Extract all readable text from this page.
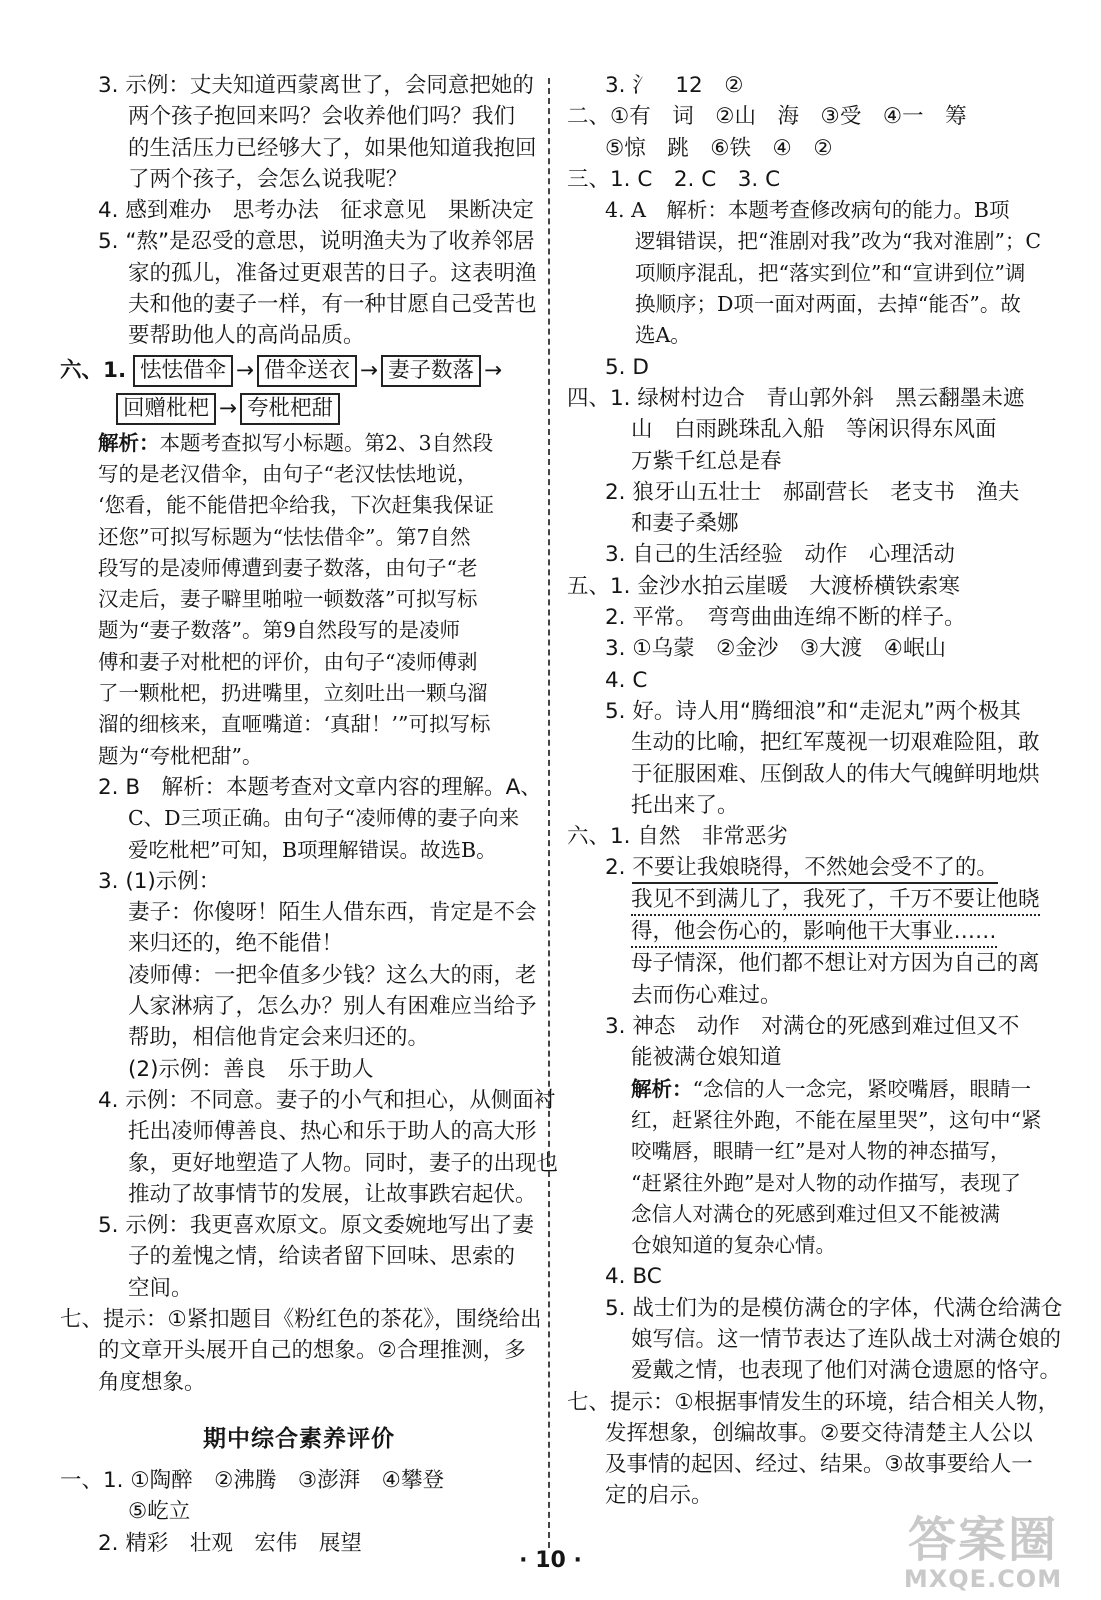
3. 示例：丈夫知道西蒙离世了，会同意把她的
两个孩子抱回来吗？会收养他们吗？我们
的生活压力已经够大了，如果他知道我抱回
了两个孩子，会怎么说我呢？
4. 感到难办　思考办法　征求意见　果断决定
5. “熬”是忍受的意思，说明渔夫为了收养邻居
家的孤儿，准备过更艰苦的日子。这表明渔
夫和他的妻子一样，有一种甘愿自己受苦也
要帮助他人的高尚品质。
六、1. 怯怯借伞 → 借伞送衣 → 妻子数落 →
回赠枇杷 → 夸枇杷甜
解析：本题考查拟写小标题。第2、3自然段
写的是老汉借伞，由句子“老汉怯怯地说，
‘您看，能不能借把伞给我，下次赶集我保证
还您”可拟写标题为“怯怯借伞”。第7自然
段写的是凌师傅遭到妻子数落，由句子“老
汉走后，妻子噼里啪啦一顿数落”可拟写标
题为“妻子数落”。第9自然段写的是凌师
傅和妻子对枇杷的评价，由句子“凌师傅剥
了一颗枇杷，扔进嘴里，立刻吐出一颗乌溜
溜的细核来，直咂嘴道：‘真甜！’”可拟写标
题为“夸枇杷甜”。
2. B　解析：本题考查对文章内容的理解。A、
C、D三项正确。由句子“凌师傅的妻子向来
爱吃枇杷”可知，B项理解错误。故选B。
3. (1)示例：
妻子：你傻呀！陌生人借东西，肯定是不会
来归还的，绝不能借！
凌师傅：一把伞值多少钱？这么大的雨，老
人家淋病了，怎么办？别人有困难应当给予
帮助，相信他肯定会来归还的。
(2)示例：善良　乐于助人
4. 示例：不同意。妻子的小气和担心，从侧面衬
托出凌师傅善良、热心和乐于助人的高大形
象，更好地塑造了人物。同时，妻子的出现也
推动了故事情节的发展，让故事跌宕起伏。
5. 示例：我更喜欢原文。原文委婉地写出了妻
子的羞愧之情，给读者留下回味、思索的
空间。
七、提示：①紧扣题目《粉红色的茶花》，围绕给出
的文章开头展开自己的想象。②合理推测，多
角度想象。
期中综合素养评价
一、1. ①陶醉　②沸腾　③澎湃　④攀登
⑤屹立
2. 精彩　壮观　宏伟　展望
3. 氵　12　②
二、①有　词　②山　海　③受　④一　筹
⑤惊　跳　⑥铁　④　②
三、1. C　2. C　3. C
4. A　解析：本题考查修改病句的能力。B项
逻辑错误，把“淮剧对我”改为“我对淮剧”；C
项顺序混乱，把“落实到位”和“宣讲到位”调
换顺序；D项一面对两面，去掉“能否”。故
选A。
5. D
四、1. 绿树村边合　青山郭外斜　黑云翻墨未遮
山　白雨跳珠乱入船　等闲识得东风面
万紫千红总是春
2. 狼牙山五壮士　郝副营长　老支书　渔夫
和妻子桑娜
3. 自己的生活经验　动作　心理活动
五、1. 金沙水拍云崖暖　大渡桥横铁索寒
2. 平常。　弯弯曲曲连绵不断的样子。
3. ①乌蒙　②金沙　③大渡　④岷山
4. C
5. 好。诗人用“腾细浪”和“走泥丸”两个极其
生动的比喻，把红军蔑视一切艰难险阻，敢
于征服困难、压倒敌人的伟大气魄鲜明地烘
托出来了。
六、1. 自然　非常恶劣
2. 不要让我娘晓得，不然她会受不了的。
我见不到满儿了，我死了，千万不要让他晓
得，他会伤心的，影响他干大事业……
母子情深，他们都不想让对方因为自己的离
去而伤心难过。
3. 神态　动作　对满仓的死感到难过但又不
能被满仓娘知道
解析：“念信的人一念完，紧咬嘴唇，眼睛一
红，赶紧往外跑，不能在屋里哭”，这句中“紧
咬嘴唇，眼睛一红”是对人物的神态描写，
“赶紧往外跑”是对人物的动作描写，表现了
念信人对满仓的死感到难过但又不能被满
仓娘知道的复杂心情。
4. BC
5. 战士们为的是模仿满仓的字体，代满仓给满仓
娘写信。这一情节表达了连队战士对满仓娘的
爱戴之情，也表现了他们对满仓遗愿的恪守。
七、提示：①根据事情发生的环境，结合相关人物，
发挥想象，创编故事。②要交待清楚主人公以
及事情的起因、经过、结果。③故事要给人一
定的启示。
· 10 ·	答案圈
MXQE.COM
